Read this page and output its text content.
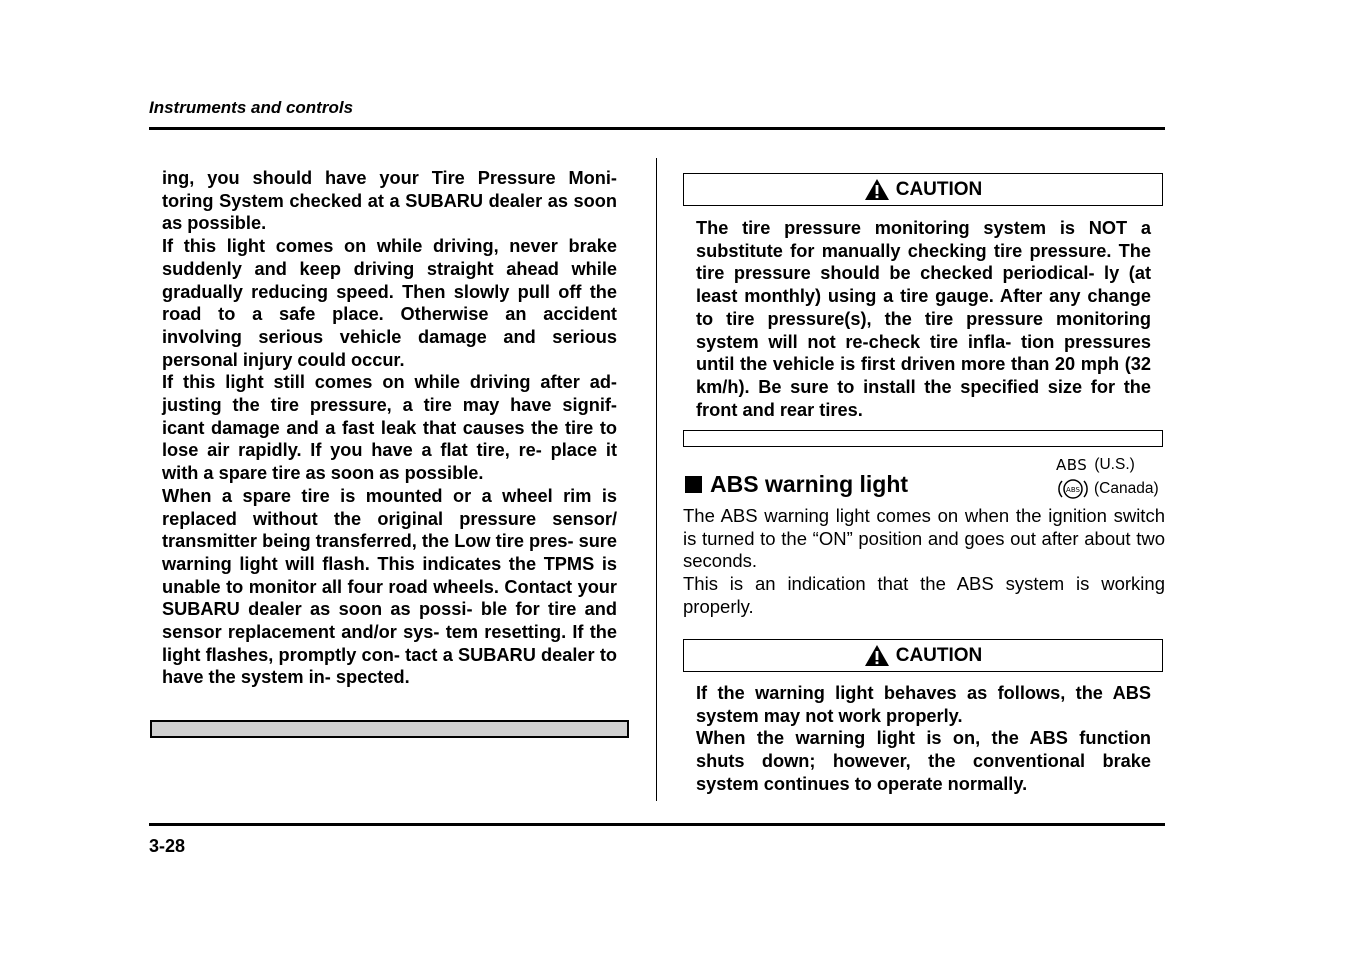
Instruments and controls

ing, you should have your Tire Pressure Moni- toring System checked at a SUBARU dealer as soon as possible.

If this light comes on while driving, never brake suddenly and keep driving straight ahead while gradually reducing speed. Then slowly pull off the road to a safe place. Otherwise an accident involving serious vehicle damage and serious personal injury could occur.

If this light still comes on while driving after ad- justing the tire pressure, a tire may have signif- icant damage and a fast leak that causes the tire to lose air rapidly. If you have a flat tire, re- place it with a spare tire as soon as possible.

When a spare tire is mounted or a wheel rim is replaced without the original pressure sensor/ transmitter being transferred, the Low tire pres- sure warning light will flash. This indicates the TPMS is unable to monitor all four road wheels. Contact your SUBARU dealer as soon as possi- ble for tire and sensor replacement and/or sys- tem resetting. If the light flashes, promptly con- tact a SUBARU dealer to have the system in- spected.

CAUTION

The tire pressure monitoring system is NOT a substitute for manually checking tire pressure. The tire pressure should be checked periodical- ly (at least monthly) using a tire gauge. After any change to tire pressure(s), the tire pressure monitoring system will not re-check tire infla- tion pressures until the vehicle is first driven more than 20 mph (32 km/h). Be sure to install the specified size for the front and rear tires.

ABS warning light
ABS (U.S.)
ABS (Canada)

The ABS warning light comes on when the ignition switch is turned to the “ON” position and goes out after about two seconds.

This is an indication that the ABS system is working properly.

CAUTION

If the warning light behaves as follows, the ABS system may not work properly.

When the warning light is on, the ABS function shuts down; however, the conventional brake system continues to operate normally.

3-28
